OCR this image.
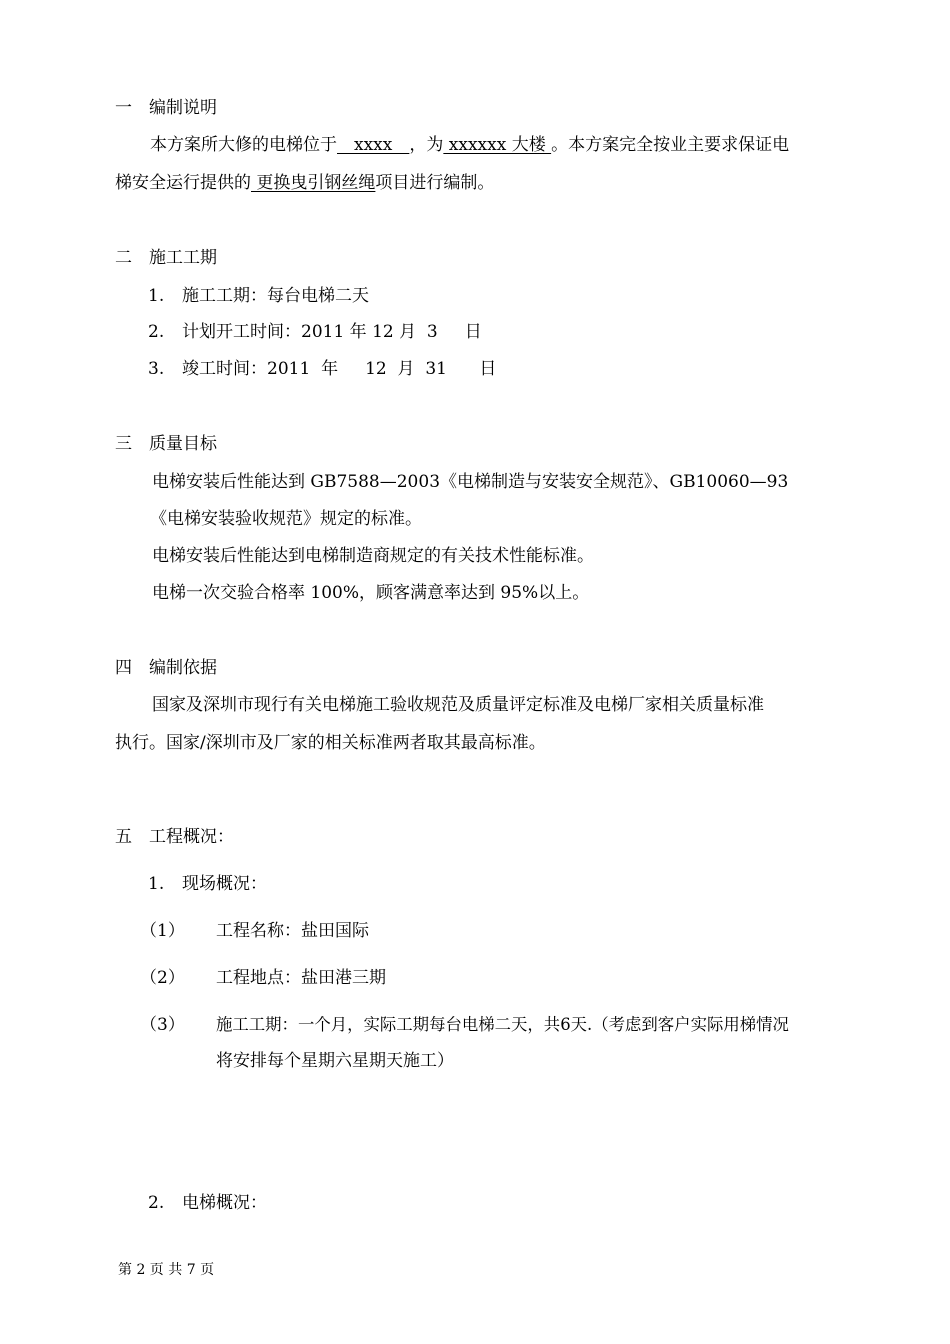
一　编制说明
本方案所大修的电梯位于　xxxx　，为 xxxxxx 大楼 。本方案完全按业主要求保证电
梯安全运行提供的 更换曳引钢丝绳项目进行编制。
二　施工工期
1. 施工工期：每台电梯二天
2. 计划开工时间：2011 年 12 月  3     日
3. 竣工时间：2011  年     12  月  31      日
三　质量目标
电梯安装后性能达到 GB7588—2003《电梯制造与安装安全规范》、GB10060—93
《电梯安装验收规范》规定的标准。
电梯安装后性能达到电梯制造商规定的有关技术性能标准。
电梯一次交验合格率 100%，顾客满意率达到 95%以上。
四　编制依据
国家及深圳市现行有关电梯施工验收规范及质量评定标准及电梯厂家相关质量标准
执行。国家/深圳市及厂家的相关标准两者取其最高标准。
五　工程概况：
1. 现场概况：
（1） 工程名称：盐田国际
（2） 工程地点：盐田港三期
（3） 施工工期：一个月，实际工期每台电梯二天，共6天.（考虑到客户实际用梯情况
将安排每个星期六星期天施工）
2. 电梯概况：
第 2 页 共 7 页
